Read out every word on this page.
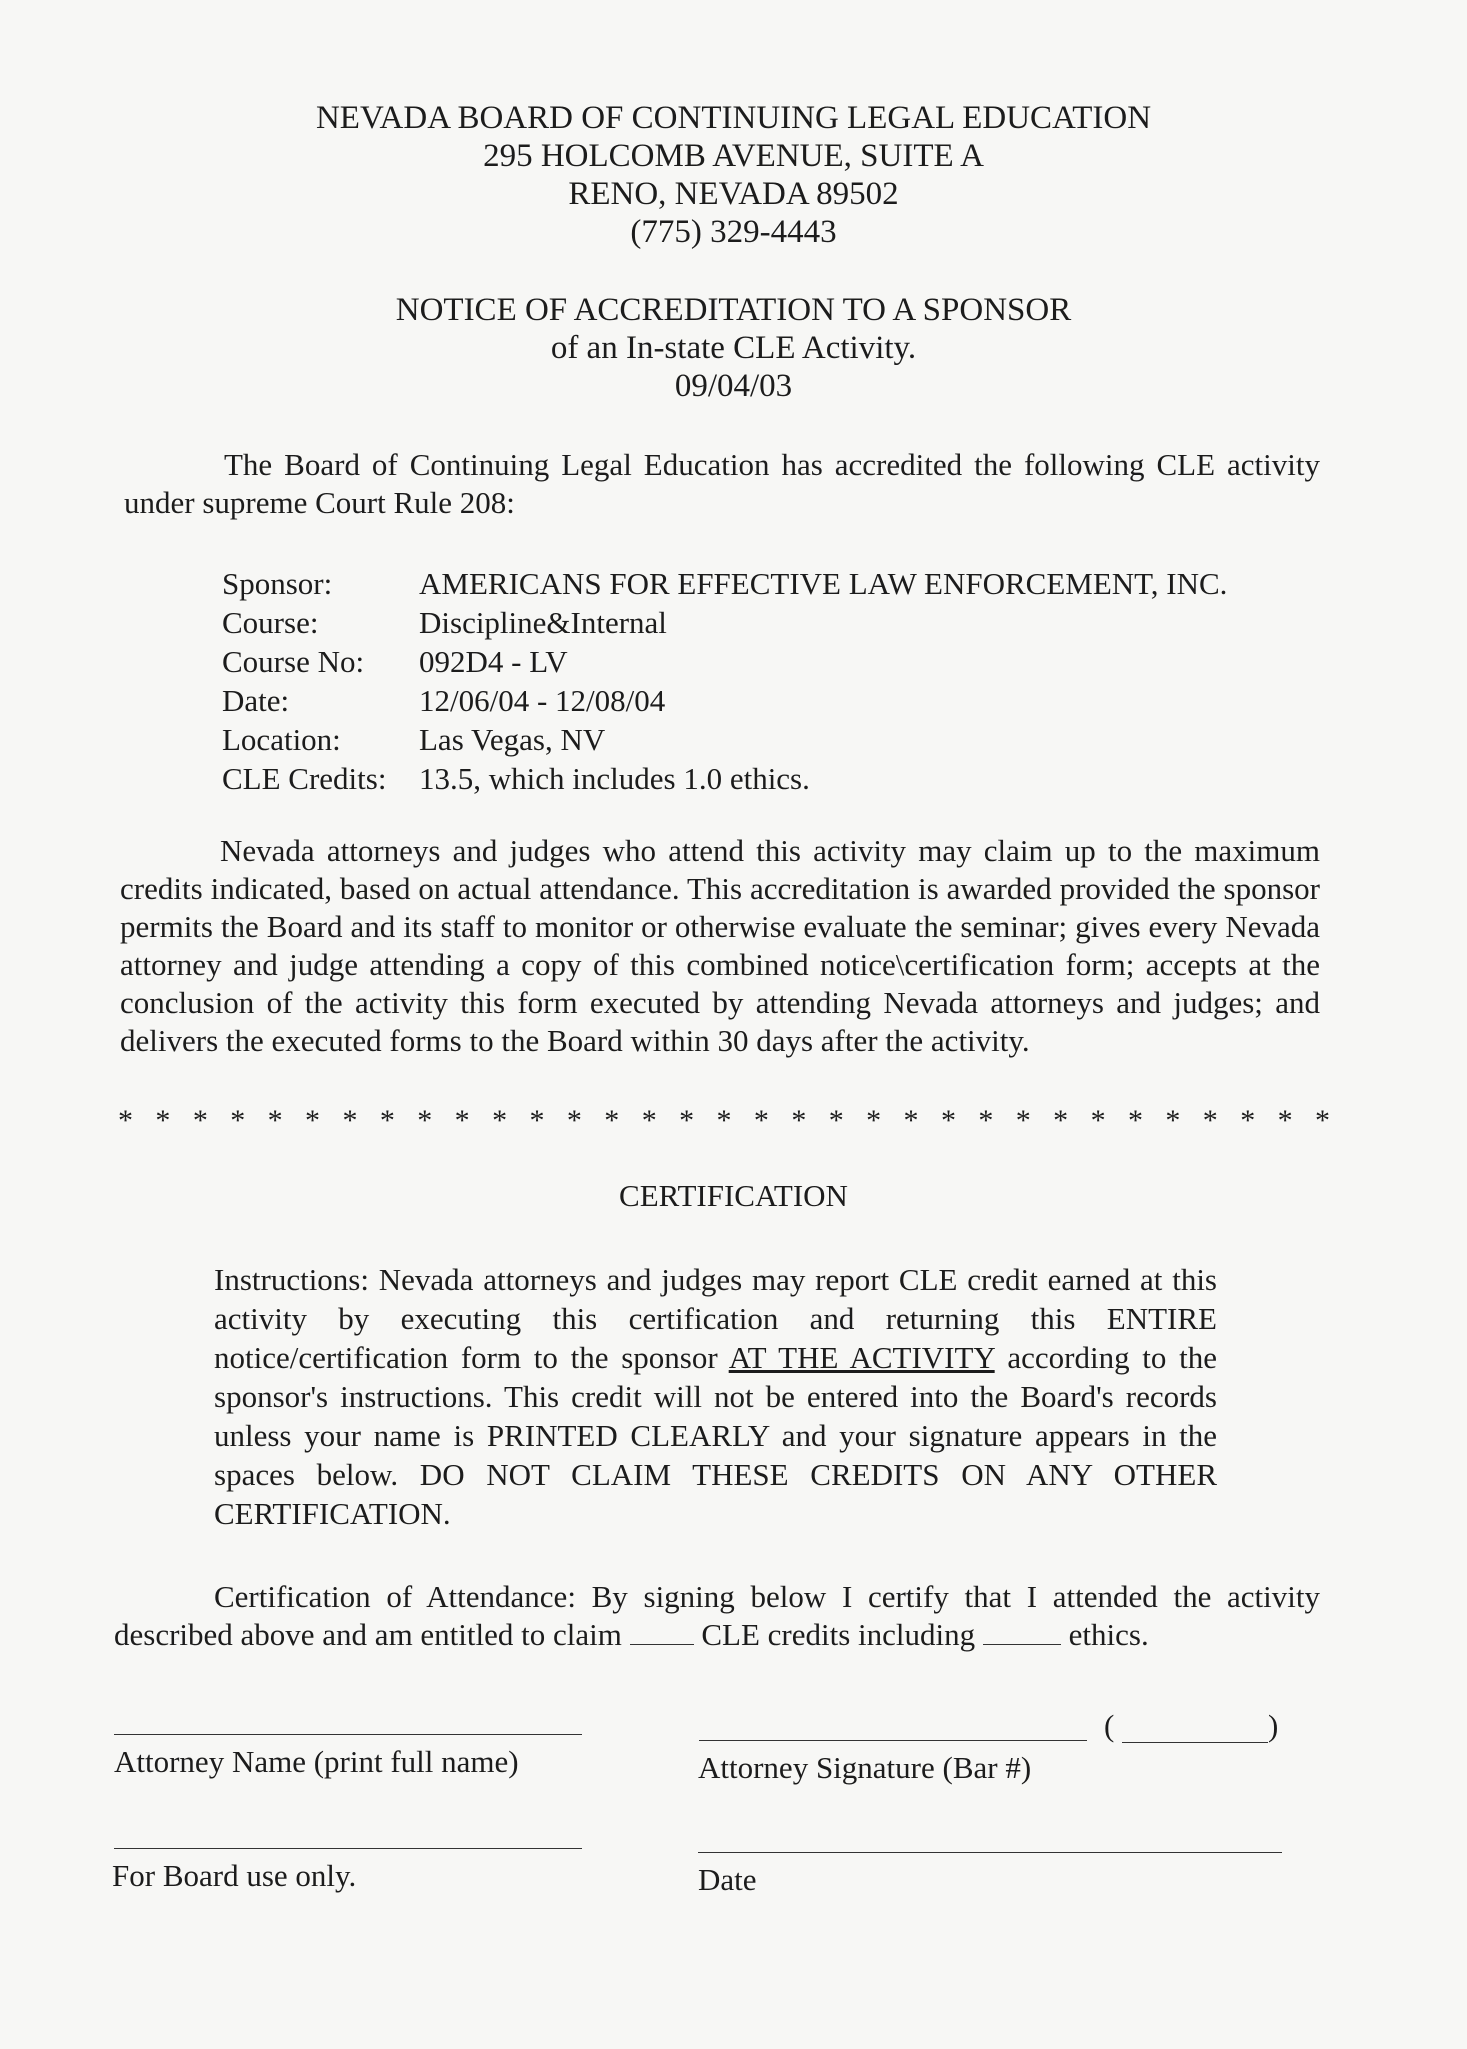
NEVADA BOARD OF CONTINUING LEGAL EDUCATION
295 HOLCOMB AVENUE, SUITE A
RENO, NEVADA 89502
(775) 329-4443
NOTICE OF ACCREDITATION TO A SPONSOR
of an In-state CLE Activity.
09/04/03
The Board of Continuing Legal Education has accredited the following CLE activity under supreme Court Rule 208:
Sponsor:	AMERICANS FOR EFFECTIVE LAW ENFORCEMENT, INC.
Course:	Discipline&Internal
Course No:	092D4 - LV
Date:	12/06/04 - 12/08/04
Location:	Las Vegas, NV
CLE Credits:	13.5, which includes 1.0 ethics.
Nevada attorneys and judges who attend this activity may claim up to the maximum credits indicated, based on actual attendance. This accreditation is awarded provided the sponsor permits the Board and its staff to monitor or otherwise evaluate the seminar; gives every Nevada attorney and judge attending a copy of this combined notice\certification form; accepts at the conclusion of the activity this form executed by attending Nevada attorneys and judges; and delivers the executed forms to the Board within 30 days after the activity.
* * * * * * * * * * * * * * * * * * * * * * * * * * * * * * * * *
CERTIFICATION
Instructions: Nevada attorneys and judges may report CLE credit earned at this activity by executing this certification and returning this ENTIRE notice/certification form to the sponsor AT THE ACTIVITY according to the sponsor's instructions. This credit will not be entered into the Board's records unless your name is PRINTED CLEARLY and your signature appears in the spaces below. DO NOT CLAIM THESE CREDITS ON ANY OTHER CERTIFICATION.
Certification of Attendance: By signing below I certify that I attended the activity described above and am entitled to claim  CLE credits including	ethics.
Attorney Name (print full name)
(	)
Attorney Signature (Bar #)
For Board use only.	Date
